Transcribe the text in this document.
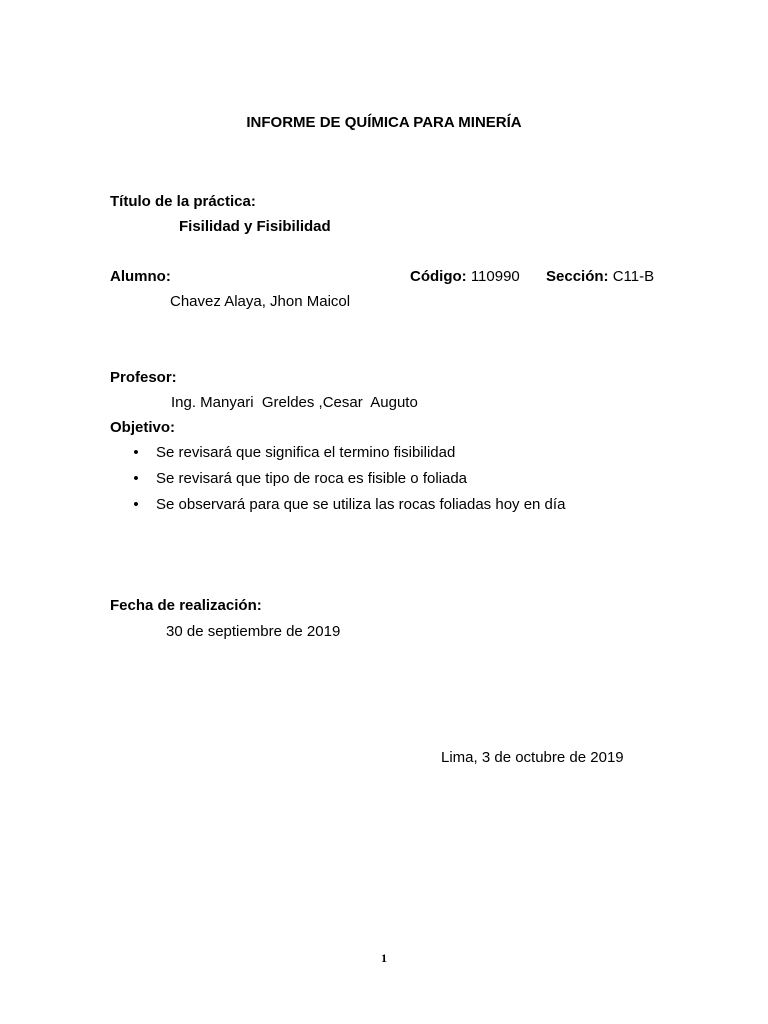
INFORME DE QUÍMICA PARA MINERÍA
Título de la práctica:
Fisilidad y Fisibilidad
Alumno:	Código: 110990 Sección: C11-B
Chavez Alaya, Jhon Maicol
Profesor:
Ing. Manyari  Greldes ,Cesar  Auguto
Objetivo:
• Se revisará que significa el termino fisibilidad
• Se revisará que tipo de roca es fisible o foliada
• Se observará para que se utiliza las rocas foliadas hoy en día
Fecha de realización:
30 de septiembre de 2019
Lima, 3 de octubre de 2019
1
